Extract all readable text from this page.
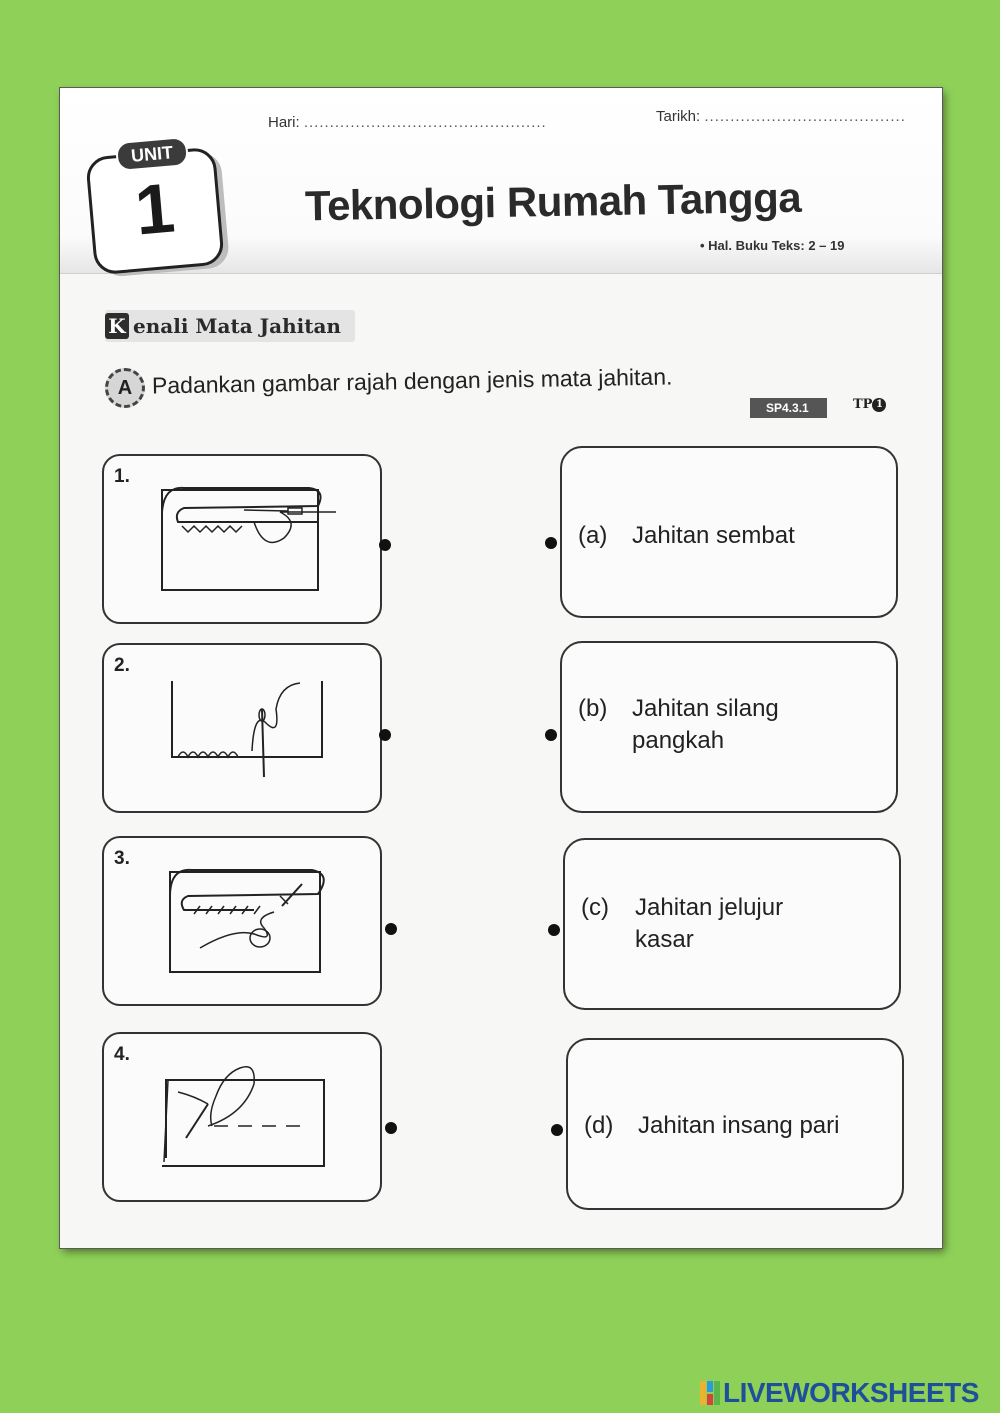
Hari: ...............................................	Tarikh: .......................................
UNIT
1	Teknologi Rumah Tangga
• Hal. Buku Teks: 2 – 19
K enali Mata Jahitan
A Padankan gambar rajah dengan jenis mata jahitan.
SP4.3.1	TP 1
1.
2.
3.
4.
(a)	Jahitan sembat
(b)	Jahitan silang
pangkah
(c)	Jahitan jelujur
kasar
(d)	Jahitan insang pari
LIVEWORKSHEETS
